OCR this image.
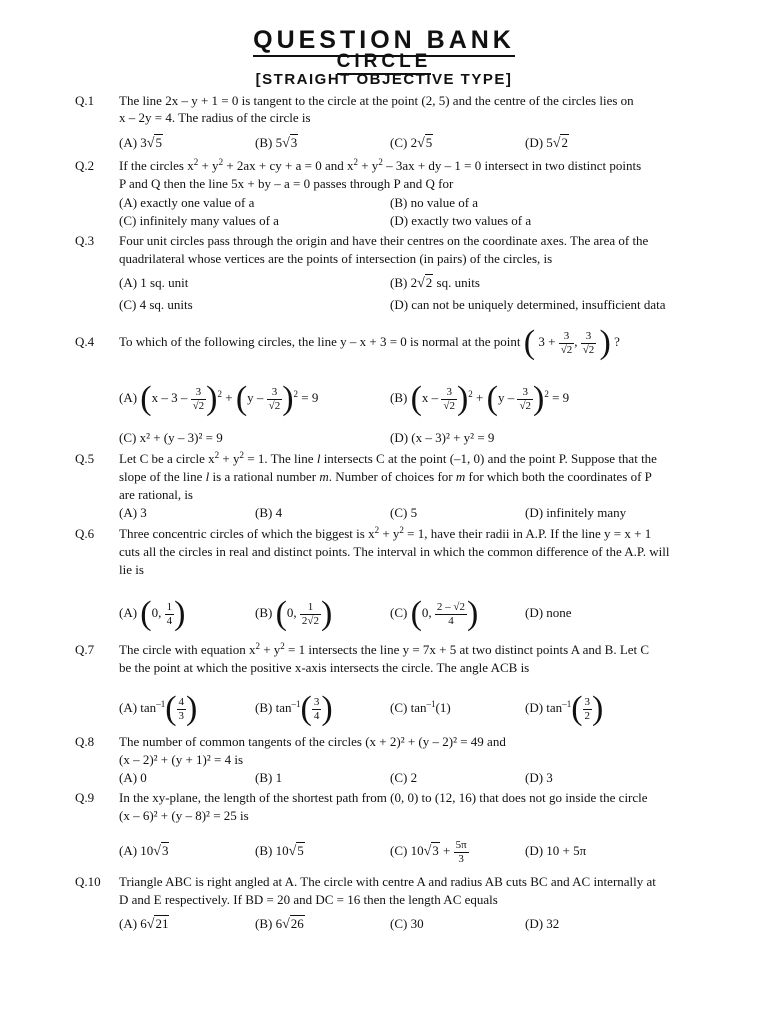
QUESTION BANK
CIRCLE
[STRAIGHT OBJECTIVE TYPE]
Q.1 The line 2x – y + 1 = 0 is tangent to the circle at the point (2, 5) and the centre of the circles lies on
x – 2y = 4. The radius of the circle is
(A) 3√5	(B) 5√3	(C) 2√5	(D) 5√2
Q.2 If the circles $x^2 + y^2 + 2ax$ + cy + a = 0 and $x^2 + y^2 - 3ax$ + dy – 1 = 0 intersect in two distinct points
P and Q then the line 5x + by – a = 0 passes through P and Q for
(A) exactly one value of a	(B) no value of a
(C) infinitely many values of a	(D) exactly two values of a
Q.3 Four unit circles pass through the origin and have their centres on the coordinate axes. The area of the
quadrilateral whose vertices are the points of intersection (in pairs) of the circles, is
(A) 1 sq. unit	(B) 2√2 sq. units
(C) 4 sq. units	(D) can not be uniquely determined, insufficient data
Q.4 To which of the following circles, the line y – x + 3 = 0 is normal at the point ( $3 + \frac{3}{√2}$ , $\frac{3}{√2}$ ) ?
(A) $(x - 3 - \frac{3}{√2} )^2 + (y - \frac{3}{√2} )^2 = 9$	(B) $(x - \frac{3}{√2} )^2 + (y - \frac{3}{√2} )^2 = 9$
(C) x² + (y – 3)² = 9	(D) (x – 3)² + y² = 9
Q.5 Let C be a circle $x^2 + y^2 = 1$. The line l intersects C at the point (–1, 0) and the point P. Suppose that the
slope of the line l is a rational number m. Number of choices for m for which both the coordinates of P
are rational, is
(A) 3	(B) 4	(C) 5	(D) infinitely many
Q.6 Three concentric circles of which the biggest is $x^2 + y^2 = 1$, have their radii in A.P. If the line y = x + 1
cuts all the circles in real and distinct points. The interval in which the common difference of the A.P. will
lie is
(A) (0, $\frac{1}{4}$ )	(B) (0, $\frac{1}{2√2}$ )	(C) (0, $\frac{2 - √2}{4}$ )	(D) none
Q.7 The circle with equation $x^2 + y^2 = 1$ intersects the line y = 7x + 5 at two distinct points A and B. Let C
be the point at which the positive x-axis intersects the circle. The angle ACB is
(A) $\tan^{-1}( \frac{4}{3}$ )	(B) $\tan^{-1}( \frac{3}{4}$ )	(C) $\tan^{-1}(1)$	(D) $\tan^{-1}( \frac{3}{2}$ )
Q.8 The number of common tangents of the circles (x + 2)² + (y – 2)² = 49 and
(x – 2)² + (y + 1)² = 4 is
(A) 0	(B) 1	(C) 2	(D) 3
Q.9 In the xy-plane, the length of the shortest path from (0, 0) to (12, 16) that does not go inside the circle
(x – 6)² + (y – 8)² = 25 is
(A) 10√3	(B) 10√5	(C) $10√3 + \frac{5\pi}{3}$	(D) 10 + 5π
Q.10 Triangle ABC is right angled at A. The circle with centre A and radius AB cuts BC and AC internally at
D and E respectively. If BD = 20 and DC = 16 then the length AC equals
(A) 6√21	(B) 6√26	(C) 30	(D) 32
